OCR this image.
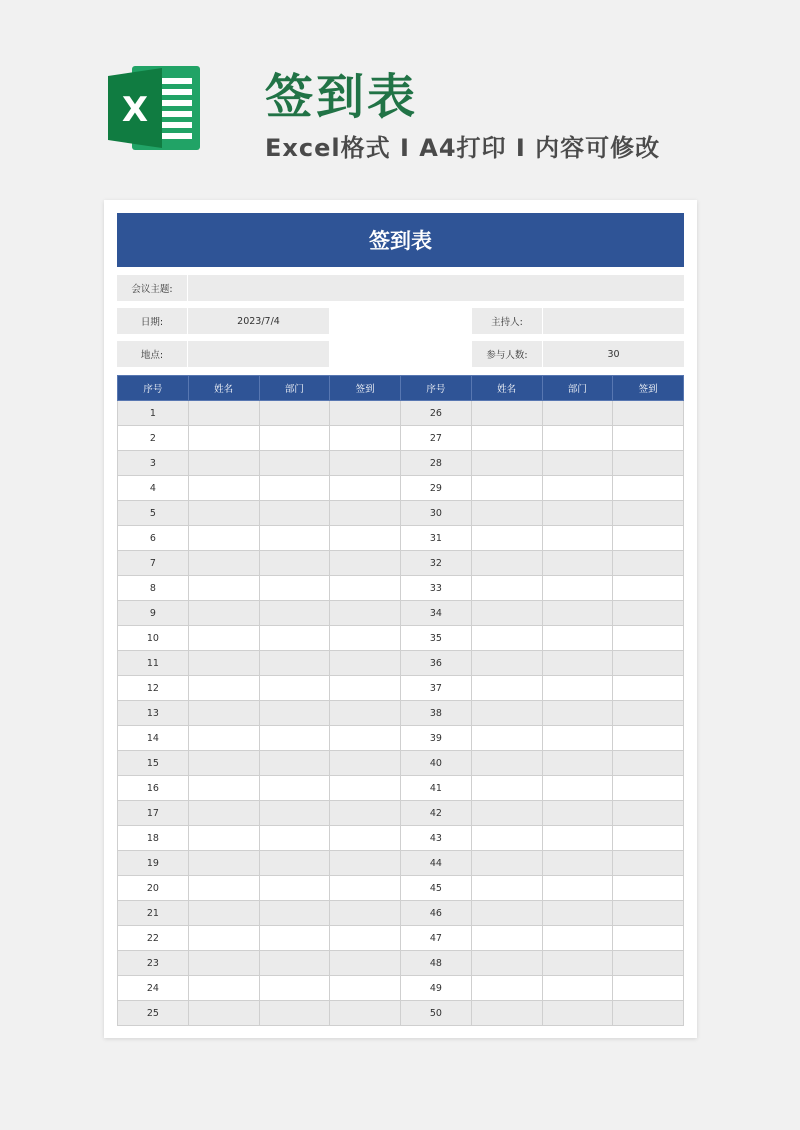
X 签到表
Excel格式 I A4打印 I 内容可修改
签到表
会议主题:
日期:	2023/7/4	主持人:
地点:	参与人数:	30
序号	姓名	部门	签到	序号	姓名	部门	签到
1				26			
2				27			
3				28			
4				29			
5				30			
6				31			
7				32			
8				33			
9				34			
10				35			
11				36			
12				37			
13				38			
14				39			
15				40			
16				41			
17				42			
18				43			
19				44			
20				45			
21				46			
22				47			
23				48			
24				49			
25				50			
